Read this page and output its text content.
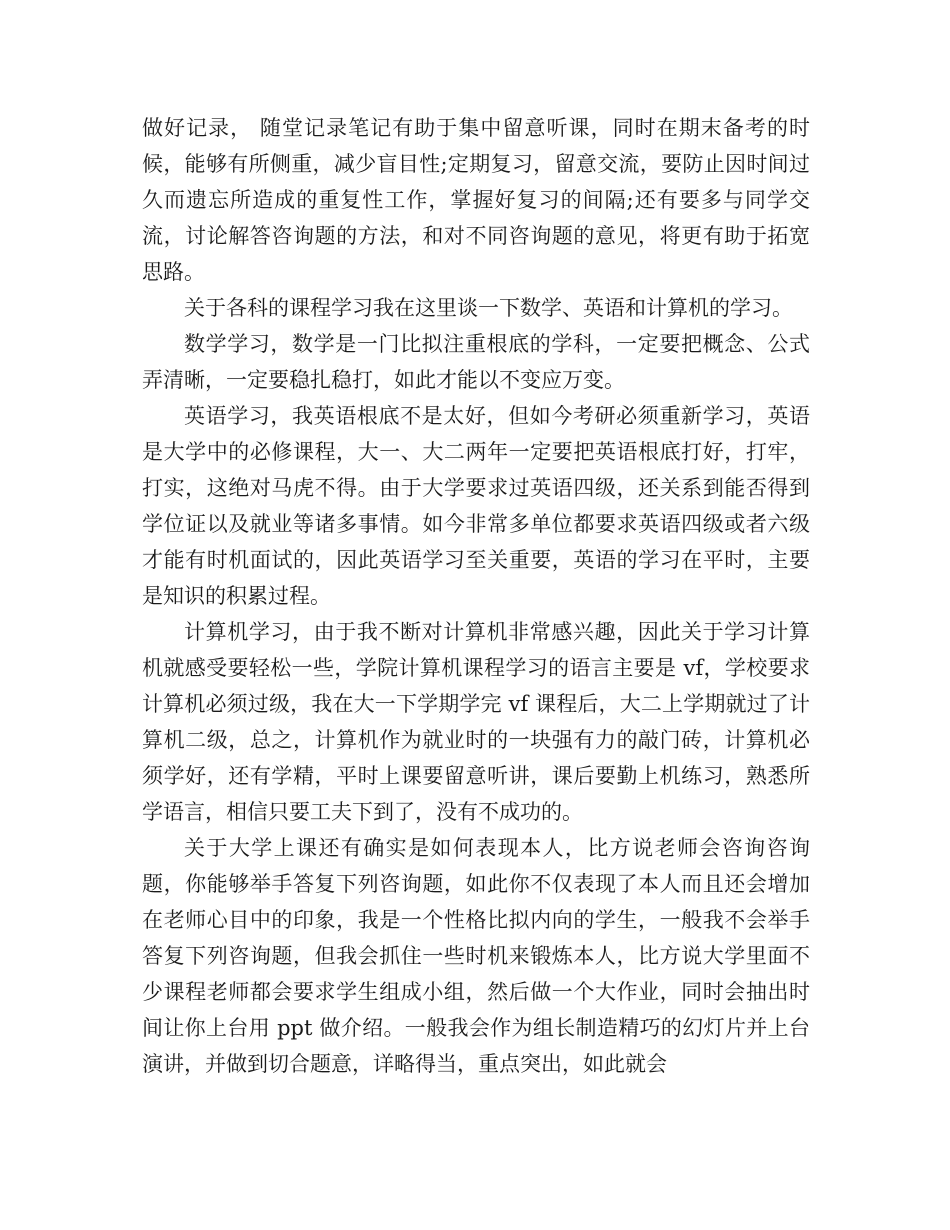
做好记录， 随堂记录笔记有助于集中留意听课，同时在期末备考的时候，能够有所侧重，减少盲目性;定期复习，留意交流，要防止因时间过久而遗忘所造成的重复性工作，掌握好复习的间隔;还有要多与同学交流，讨论解答咨询题的方法，和对不同咨询题的意见，将更有助于拓宽思路。

关于各科的课程学习我在这里谈一下数学、英语和计算机的学习。

数学学习，数学是一门比拟注重根底的学科，一定要把概念、公式弄清晰，一定要稳扎稳打，如此才能以不变应万变。

英语学习，我英语根底不是太好，但如今考研必须重新学习，英语是大学中的必修课程，大一、大二两年一定要把英语根底打好，打牢，打实，这绝对马虎不得。由于大学要求过英语四级，还关系到能否得到学位证以及就业等诸多事情。如今非常多单位都要求英语四级或者六级才能有时机面试的，因此英语学习至关重要，英语的学习在平时，主要是知识的积累过程。

计算机学习，由于我不断对计算机非常感兴趣，因此关于学习计算机就感受要轻松一些，学院计算机课程学习的语言主要是 vf，学校要求计算机必须过级，我在大一下学期学完 vf 课程后，大二上学期就过了计算机二级，总之，计算机作为就业时的一块强有力的敲门砖，计算机必须学好，还有学精，平时上课要留意听讲，课后要勤上机练习，熟悉所学语言，相信只要工夫下到了，没有不成功的。

关于大学上课还有确实是如何表现本人，比方说老师会咨询咨询题，你能够举手答复下列咨询题，如此你不仅表现了本人而且还会增加在老师心目中的印象，我是一个性格比拟内向的学生，一般我不会举手答复下列咨询题，但我会抓住一些时机来锻炼本人，比方说大学里面不少课程老师都会要求学生组成小组，然后做一个大作业，同时会抽出时间让你上台用 ppt 做介绍。一般我会作为组长制造精巧的幻灯片并上台演讲，并做到切合题意，详略得当，重点突出，如此就会
